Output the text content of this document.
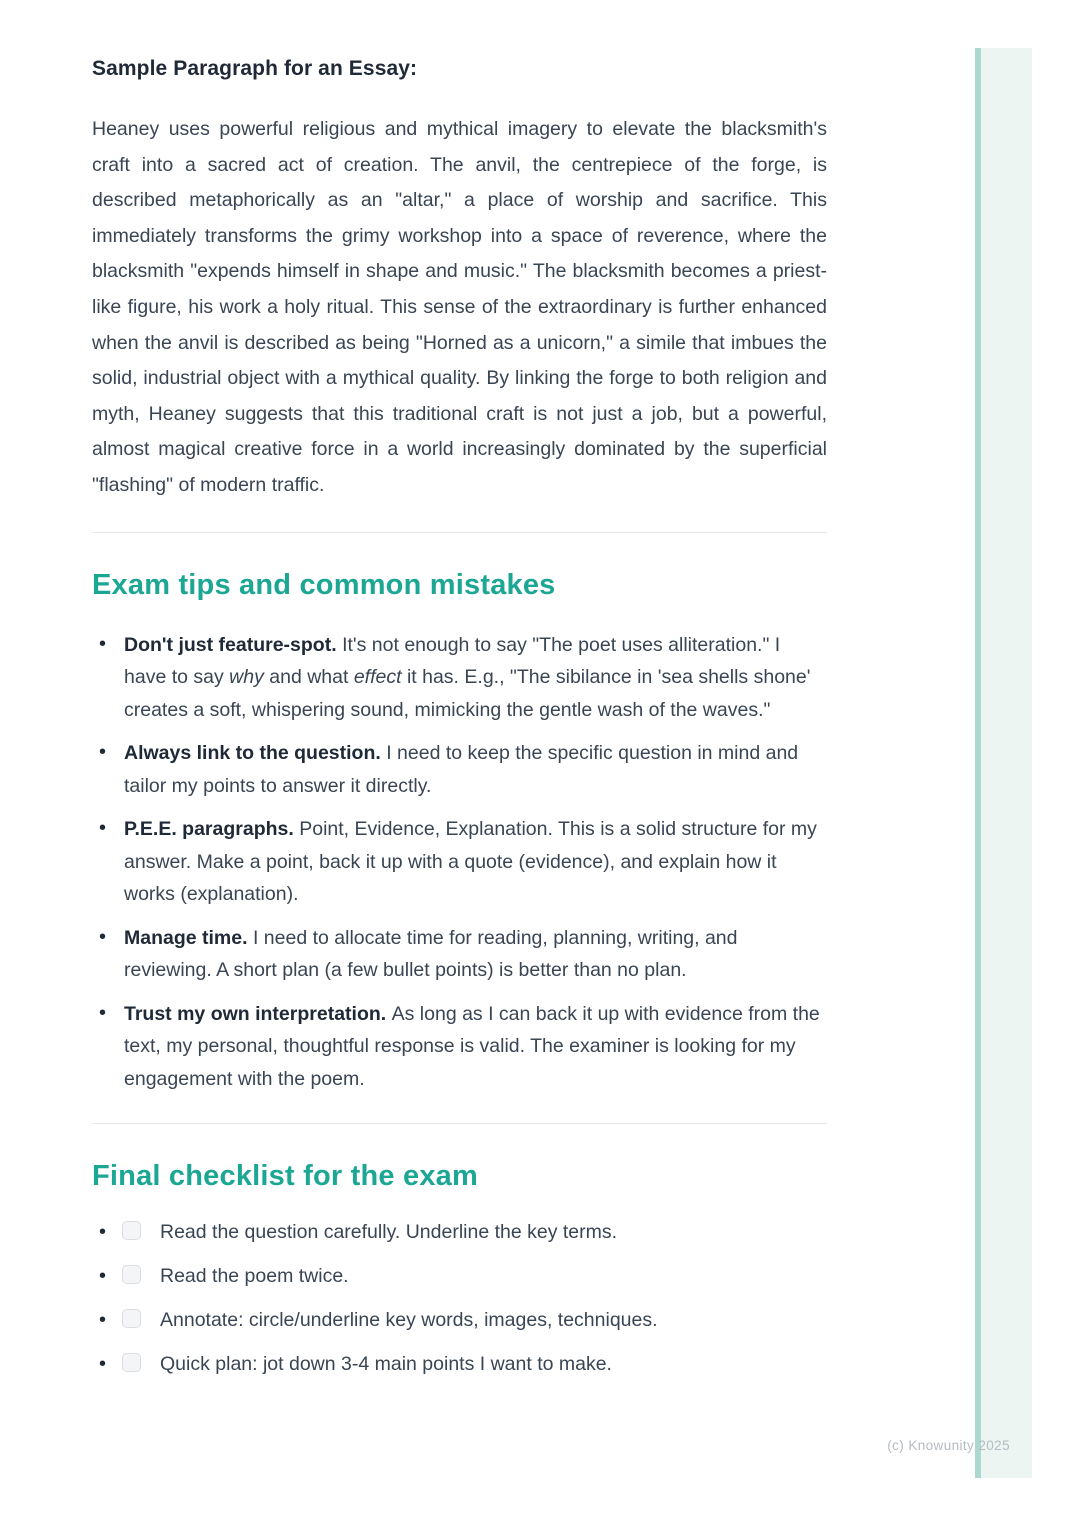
Sample Paragraph for an Essay:

Heaney uses powerful religious and mythical imagery to elevate the blacksmith's craft into a sacred act of creation. The anvil, the centrepiece of the forge, is described metaphorically as an "altar," a place of worship and sacrifice. This immediately transforms the grimy workshop into a space of reverence, where the blacksmith "expends himself in shape and music." The blacksmith becomes a priest-like figure, his work a holy ritual. This sense of the extraordinary is further enhanced when the anvil is described as being "Horned as a unicorn," a simile that imbues the solid, industrial object with a mythical quality. By linking the forge to both religion and myth, Heaney suggests that this traditional craft is not just a job, but a powerful, almost magical creative force in a world increasingly dominated by the superficial "flashing" of modern traffic.

Exam tips and common mistakes
• Don't just feature-spot. It's not enough to say "The poet uses alliteration." I have to say why and what effect it has. E.g., "The sibilance in 'sea shells shone' creates a soft, whispering sound, mimicking the gentle wash of the waves."
• Always link to the question. I need to keep the specific question in mind and tailor my points to answer it directly.
• P.E.E. paragraphs. Point, Evidence, Explanation. This is a solid structure for my answer. Make a point, back it up with a quote (evidence), and explain how it works (explanation).
• Manage time. I need to allocate time for reading, planning, writing, and reviewing. A short plan (a few bullet points) is better than no plan.
• Trust my own interpretation. As long as I can back it up with evidence from the text, my personal, thoughtful response is valid. The examiner is looking for my engagement with the poem.
Final checklist for the exam
• Read the question carefully. Underline the key terms.
• Read the poem twice.
• Annotate: circle/underline key words, images, techniques.
• Quick plan: jot down 3-4 main points I want to make.
(c) Knowunity 2025
